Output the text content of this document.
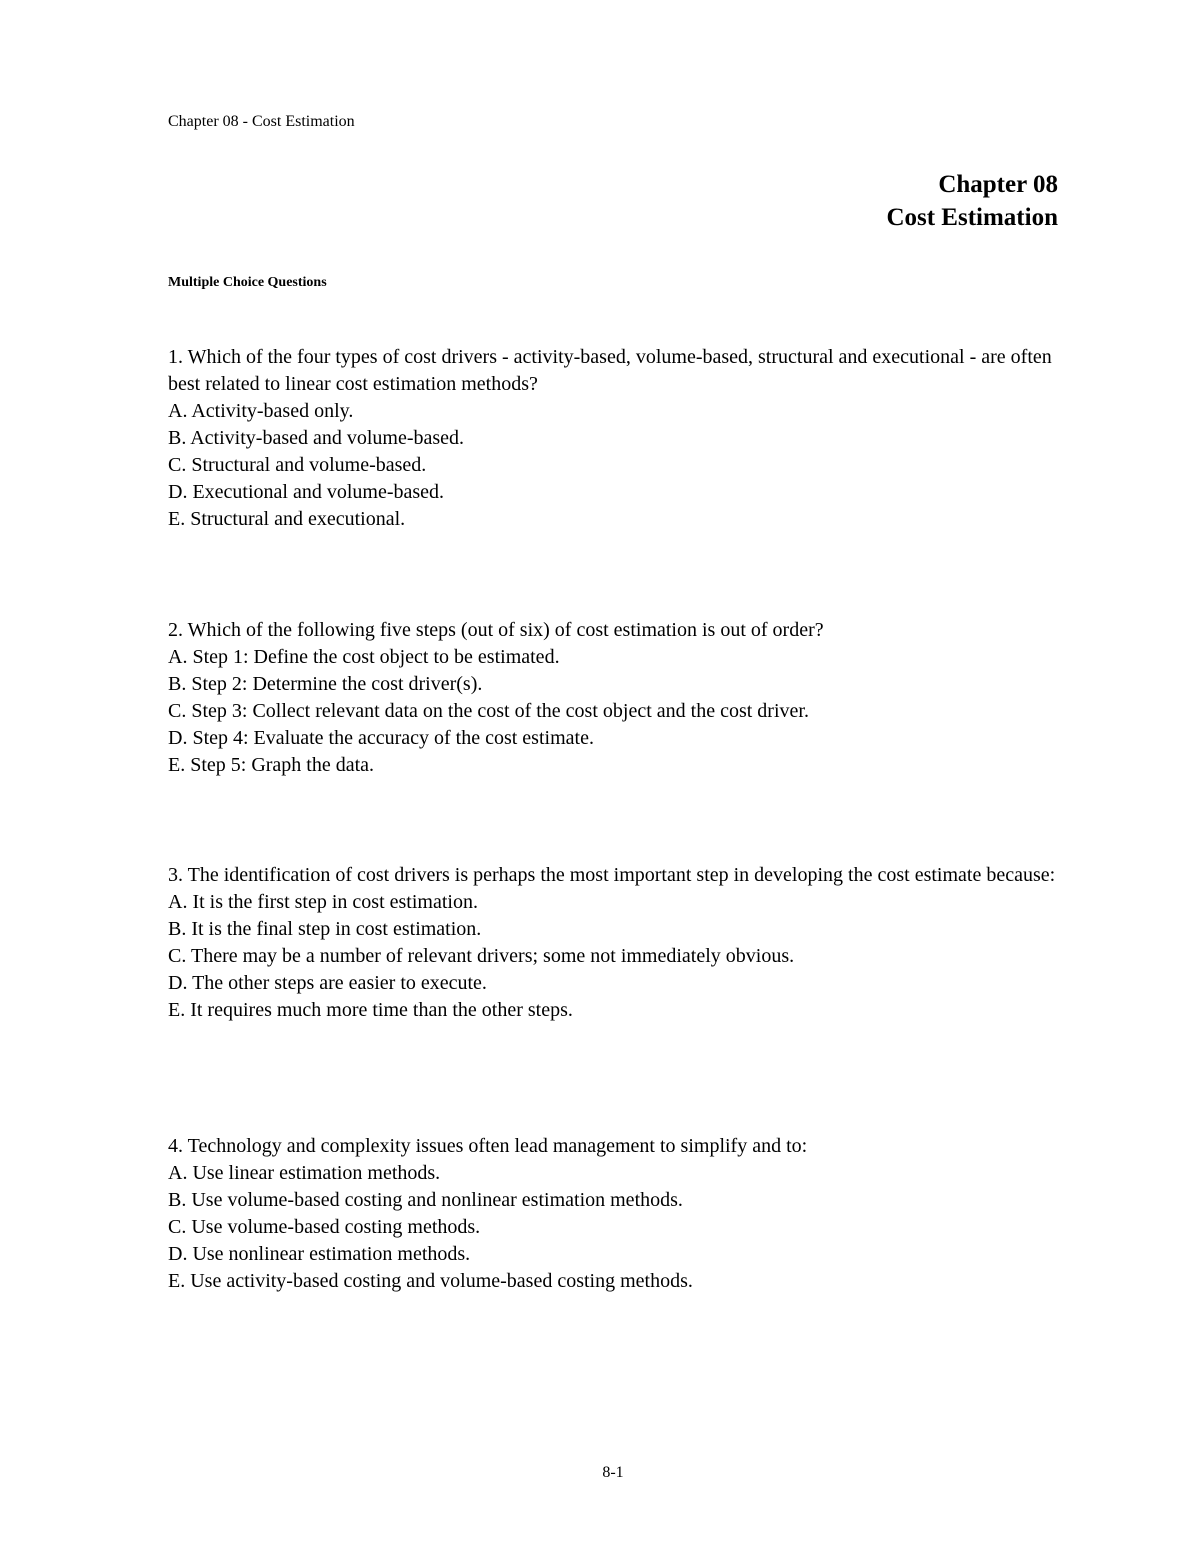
Chapter 08 - Cost Estimation
Chapter 08
Cost Estimation
Multiple Choice Questions

1. Which of the four types of cost drivers - activity-based, volume-based, structural and executional - are often best related to linear cost estimation methods?

A. Activity-based only.
B. Activity-based and volume-based.
C. Structural and volume-based.
D. Executional and volume-based.
E. Structural and executional.

2. Which of the following five steps (out of six) of cost estimation is out of order?

A. Step 1: Define the cost object to be estimated.
B. Step 2: Determine the cost driver(s).
C. Step 3: Collect relevant data on the cost of the cost object and the cost driver.
D. Step 4: Evaluate the accuracy of the cost estimate.
E. Step 5: Graph the data.

3. The identification of cost drivers is perhaps the most important step in developing the cost estimate because:

A. It is the first step in cost estimation.
B. It is the final step in cost estimation.
C. There may be a number of relevant drivers; some not immediately obvious.
D. The other steps are easier to execute.
E. It requires much more time than the other steps.

4. Technology and complexity issues often lead management to simplify and to:

A. Use linear estimation methods.
B. Use volume-based costing and nonlinear estimation methods.
C. Use volume-based costing methods.
D. Use nonlinear estimation methods.
E. Use activity-based costing and volume-based costing methods.
8-1
